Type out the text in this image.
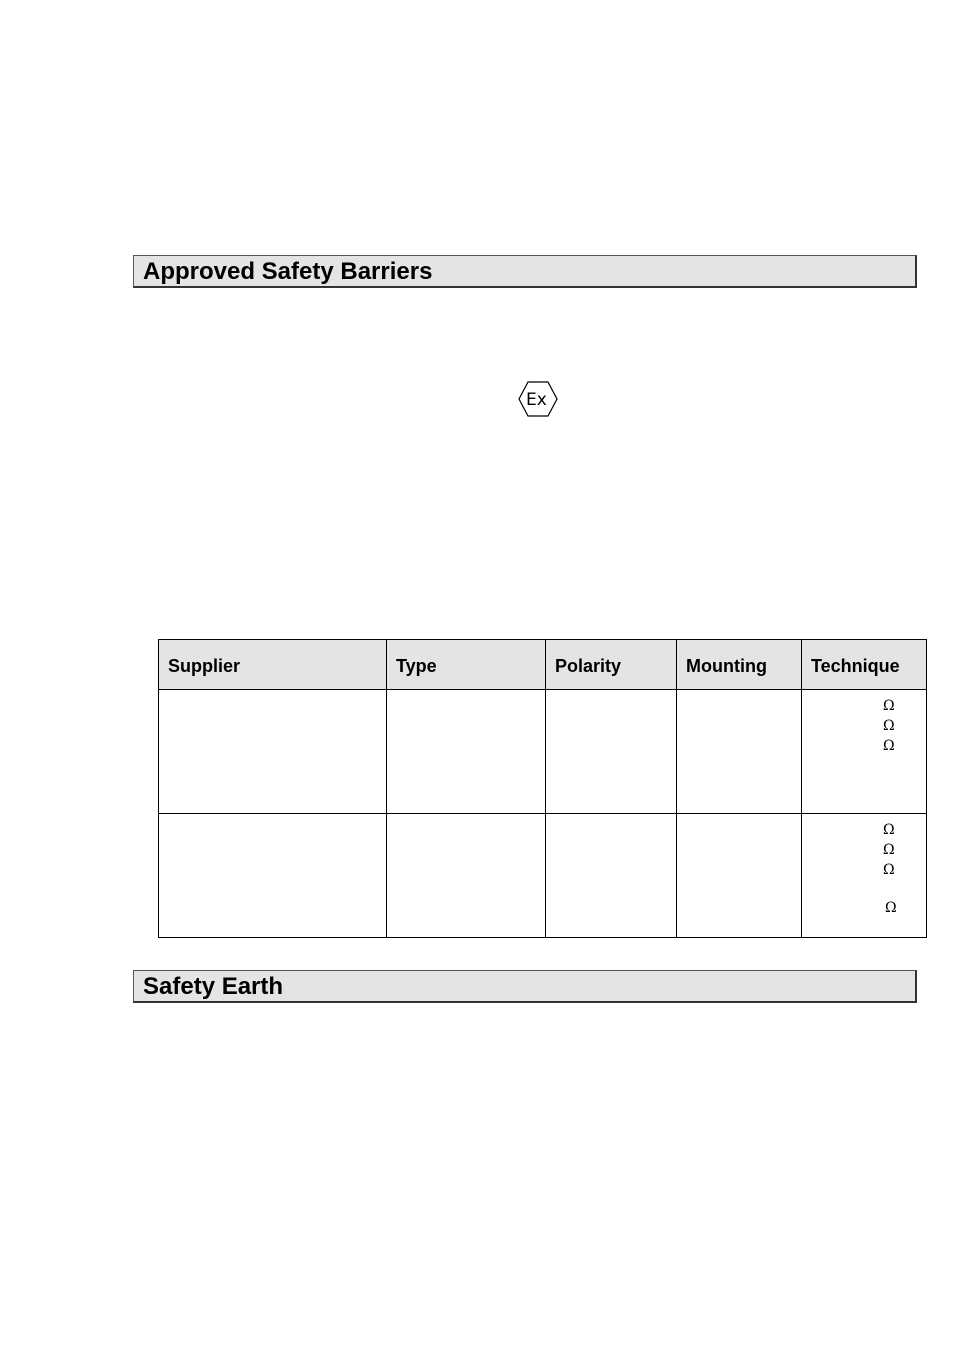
Approved Safety Barriers
Ex
Supplier	Type	Polarity	Mounting	Technique

				Ω
Ω
Ω

				Ω
Ω
Ω
Ω
Safety Earth
